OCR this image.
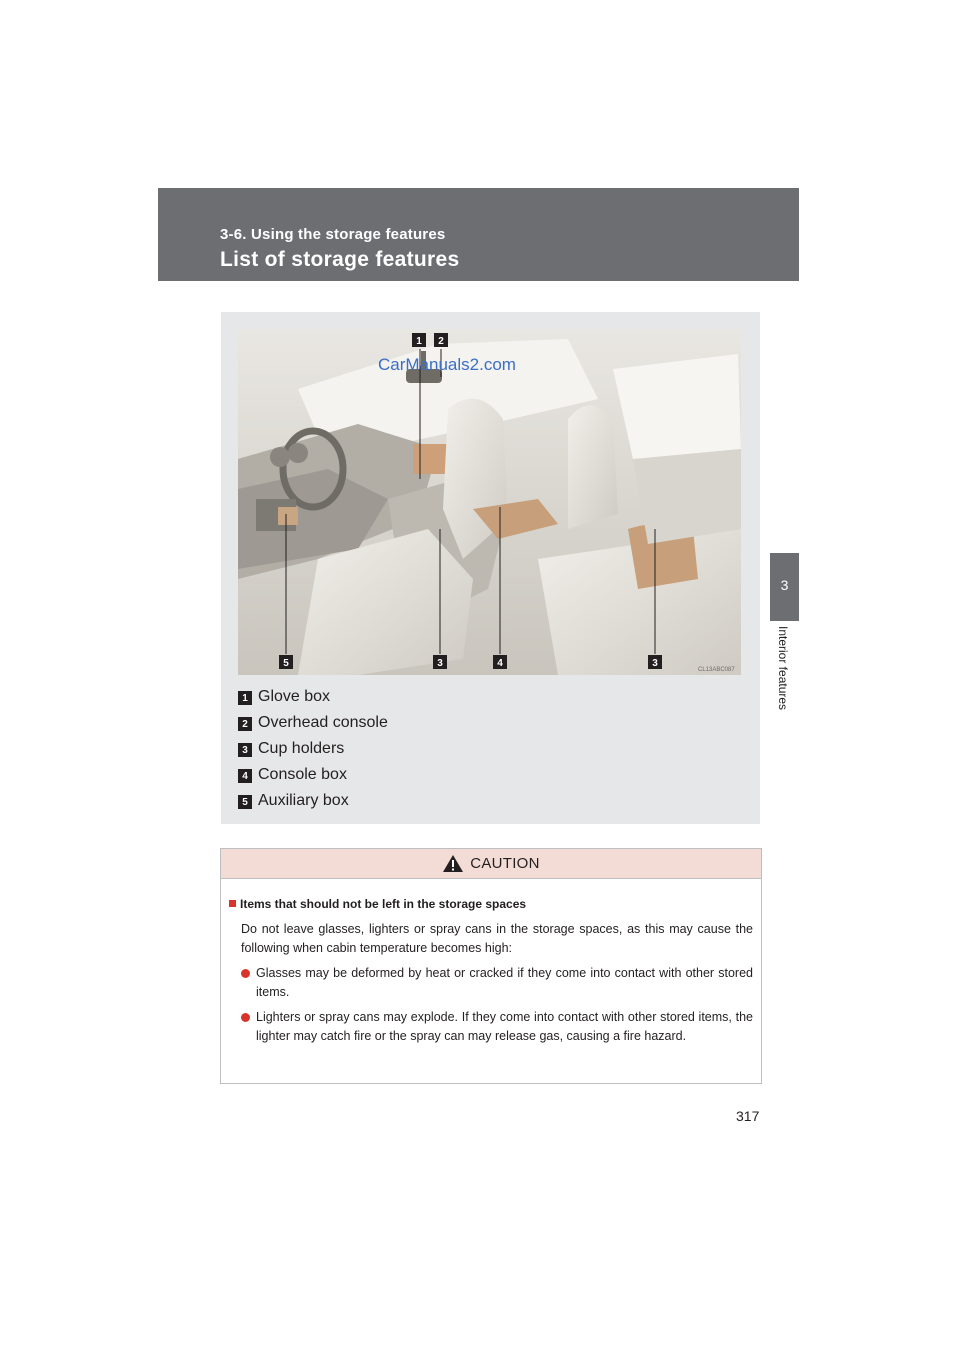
3-6. Using the storage features
List of storage features
3
Interior features
1 2
5	3	4	3
CarManuals2.com
CL13ABC087
1 Glove box
2 Overhead console
3 Cup holders
4 Console box
5 Auxiliary box
CAUTION
Items that should not be left in the storage spaces
Do not leave glasses, lighters or spray cans in the storage spaces, as this may cause the following when cabin temperature becomes high:
Glasses may be deformed by heat or cracked if they come into contact with other stored items.
Lighters or spray cans may explode. If they come into contact with other stored items, the lighter may catch fire or the spray can may release gas, causing a fire hazard.
317
